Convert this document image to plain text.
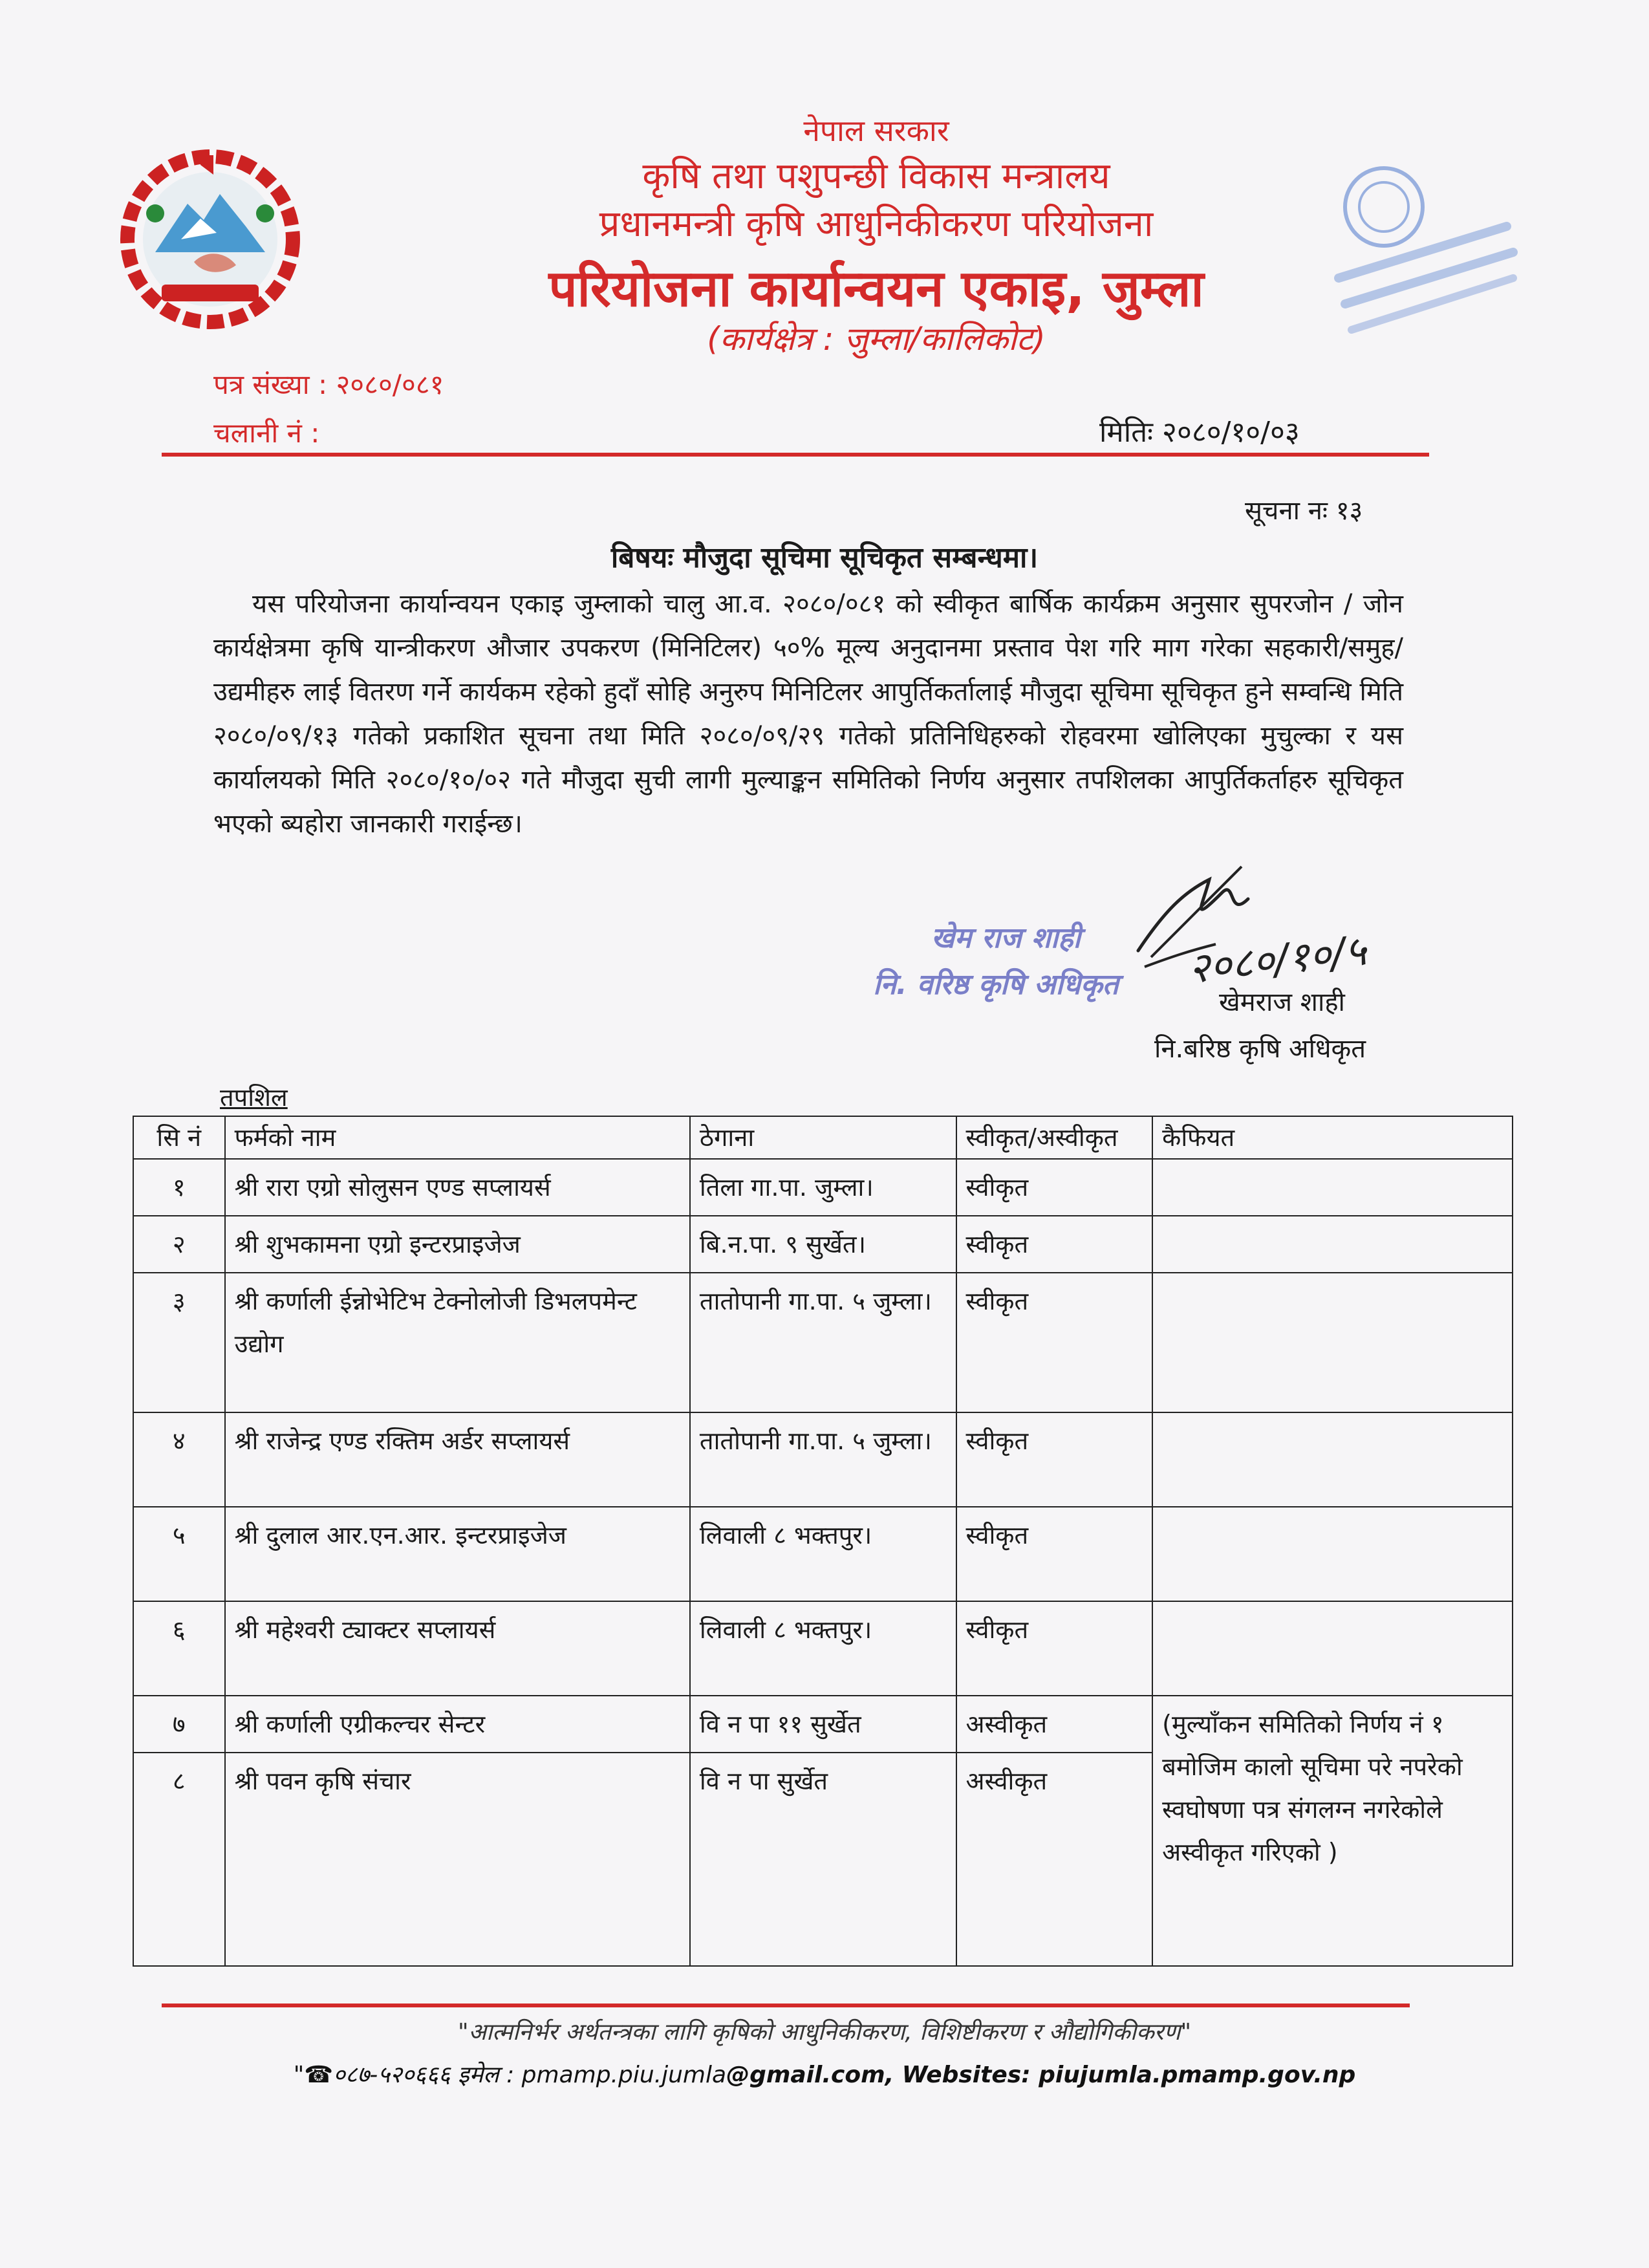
नेपाल सरकार
कृषि तथा पशुपन्छी विकास मन्त्रालय
प्रधानमन्त्री कृषि आधुनिकीकरण परियोजना
परियोजना कार्यान्वयन एकाइ, जुम्ला
(कार्यक्षेत्र : जुम्ला/कालिकोट)
पत्र संख्या : २०८०/०८१
चलानी नं :	मितिः २०८०/१०/०३
सूचना नः १३
बिषयः मौजुदा सूचिमा सूचिकृत सम्बन्धमा।
यस परियोजना कार्यान्वयन एकाइ जुम्लाको चालु आ.व. २०८०/०८१ को स्वीकृत बार्षिक कार्यक्रम अनुसार सुपरजोन / जोन कार्यक्षेत्रमा कृषि यान्त्रीकरण औजार उपकरण (मिनिटिलर) ५०% मूल्य अनुदानमा प्रस्ताव पेश गरि माग गरेका सहकारी/समुह/उद्यमीहरु लाई वितरण गर्ने कार्यकम रहेको हुदाँ सोहि अनुरुप मिनिटिलर आपुर्तिकर्तालाई मौजुदा सूचिमा सूचिकृत हुने सम्वन्धि मिति २०८०/०९/१३ गतेको प्रकाशित सूचना तथा मिति २०८०/०९/२९ गतेको प्रतिनिधिहरुको रोहवरमा खोलिएका मुचुल्का र यस कार्यालयको मिति २०८०/१०/०२ गते मौजुदा सुची लागी मुल्याङ्कन समितिको निर्णय अनुसार तपशिलका आपुर्तिकर्ताहरु सूचिकृत भएको ब्यहोरा जानकारी गराईन्छ।
खेम राज शाही
नि. वरिष्ठ कृषि अधिकृत २०८०/१०/५
खेमराज शाही
नि.बरिष्ठ कृषि अधिकृत
तपशिल
सि नं	फर्मको नाम	ठेगाना	स्वीकृत/अस्वीकृत	कैफियत
१	श्री रारा एग्रो सोलुसन एण्ड सप्लायर्स	तिला गा.पा. जुम्ला।	स्वीकृत	
२	श्री शुभकामना एग्रो इन्टरप्राइजेज	बि.न.पा. ९ सुर्खेत।	स्वीकृत	
३	श्री कर्णाली ईन्नोभेटिभ टेक्नोलोजी डिभलपमेन्ट उद्योग	तातोपानी गा.पा. ५ जुम्ला।	स्वीकृत	
४	श्री राजेन्द्र एण्ड रक्तिम अर्डर सप्लायर्स	तातोपानी गा.पा. ५ जुम्ला।	स्वीकृत	
५	श्री दुलाल आर.एन.आर. इन्टरप्राइजेज	लिवाली ८ भक्तपुर।	स्वीकृत	
६	श्री महेश्वरी ट्याक्टर सप्लायर्स	लिवाली ८ भक्तपुर।	स्वीकृत	
७	श्री कर्णाली एग्रीकल्चर सेन्टर	वि न पा ११ सुर्खेत	अस्वीकृत	(मुल्याँकन समितिको निर्णय नं १ बमोजिम कालो सूचिमा परे नपरेको स्वघोषणा पत्र संगलग्न नगरेकोले अस्वीकृत गरिएको )
८	श्री पवन कृषि संचार	वि न पा सुर्खेत	अस्वीकृत	
"आत्मनिर्भर अर्थतन्त्रका लागि कृषिको आधुनिकीकरण, विशिष्टीकरण र औद्योगिकीकरण"
"☎०८७-५२०६६६ इमेल : pmamp.piu.jumla@gmail.com, Websites: piujumla.pmamp.gov.np
